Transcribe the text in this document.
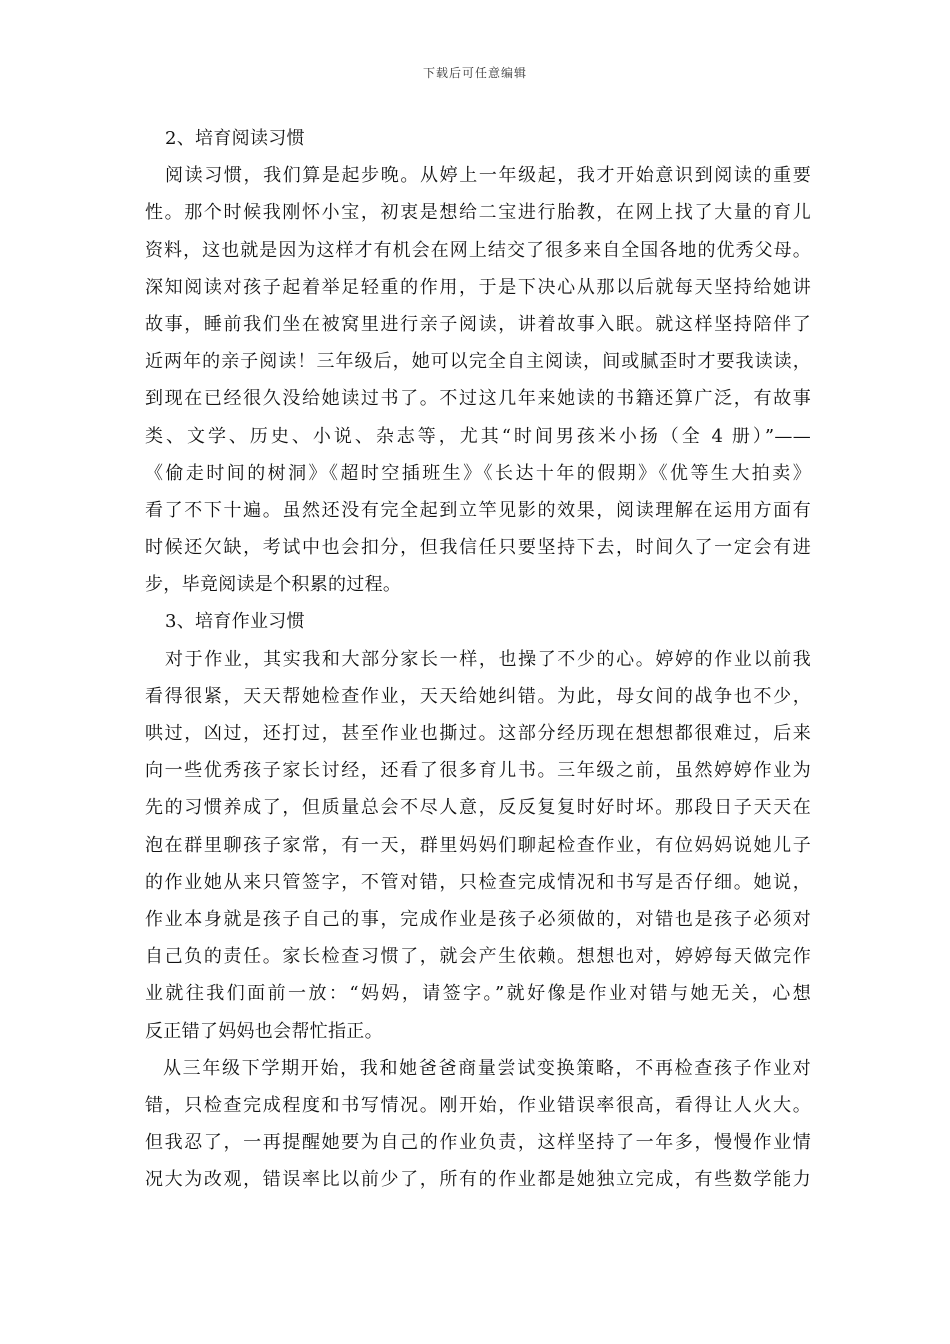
下载后可任意编辑
2、培育阅读习惯
阅读习惯，我们算是起步晚。从婷上一年级起，我才开始意识到阅读的重要
性。那个时候我刚怀小宝，初衷是想给二宝进行胎教，在网上找了大量的育儿
资料，这也就是因为这样才有机会在网上结交了很多来自全国各地的优秀父母。
深知阅读对孩子起着举足轻重的作用，于是下决心从那以后就每天坚持给她讲
故事，睡前我们坐在被窝里进行亲子阅读，讲着故事入眠。就这样坚持陪伴了
近两年的亲子阅读！三年级后，她可以完全自主阅读，间或腻歪时才要我读读，
到现在已经很久没给她读过书了。不过这几年来她读的书籍还算广泛，有故事
类、文学、历史、小说、杂志等，尤其“时间男孩米小扬（全 4 册）”——
《偷走时间的树洞》《超时空插班生》《长达十年的假期》《优等生大拍卖》
看了不下十遍。虽然还没有完全起到立竿见影的效果，阅读理解在运用方面有
时候还欠缺，考试中也会扣分，但我信任只要坚持下去，时间久了一定会有进
步，毕竟阅读是个积累的过程。
3、培育作业习惯
对于作业，其实我和大部分家长一样，也操了不少的心。婷婷的作业以前我
看得很紧，天天帮她检查作业，天天给她纠错。为此，母女间的战争也不少，
哄过，凶过，还打过，甚至作业也撕过。这部分经历现在想想都很难过，后来
向一些优秀孩子家长讨经，还看了很多育儿书。三年级之前，虽然婷婷作业为
先的习惯养成了，但质量总会不尽人意，反反复复时好时坏。那段日子天天在
泡在群里聊孩子家常，有一天，群里妈妈们聊起检查作业，有位妈妈说她儿子
的作业她从来只管签字，不管对错，只检查完成情况和书写是否仔细。她说，
作业本身就是孩子自己的事，完成作业是孩子必须做的，对错也是孩子必须对
自己负的责任。家长检查习惯了，就会产生依赖。想想也对，婷婷每天做完作
业就往我们面前一放：“妈妈，请签字。”就好像是作业对错与她无关，心想
反正错了妈妈也会帮忙指正。
从三年级下学期开始，我和她爸爸商量尝试变换策略，不再检查孩子作业对
错，只检查完成程度和书写情况。刚开始，作业错误率很高，看得让人火大。
但我忍了，一再提醒她要为自己的作业负责，这样坚持了一年多，慢慢作业情
况大为改观，错误率比以前少了，所有的作业都是她独立完成，有些数学能力
